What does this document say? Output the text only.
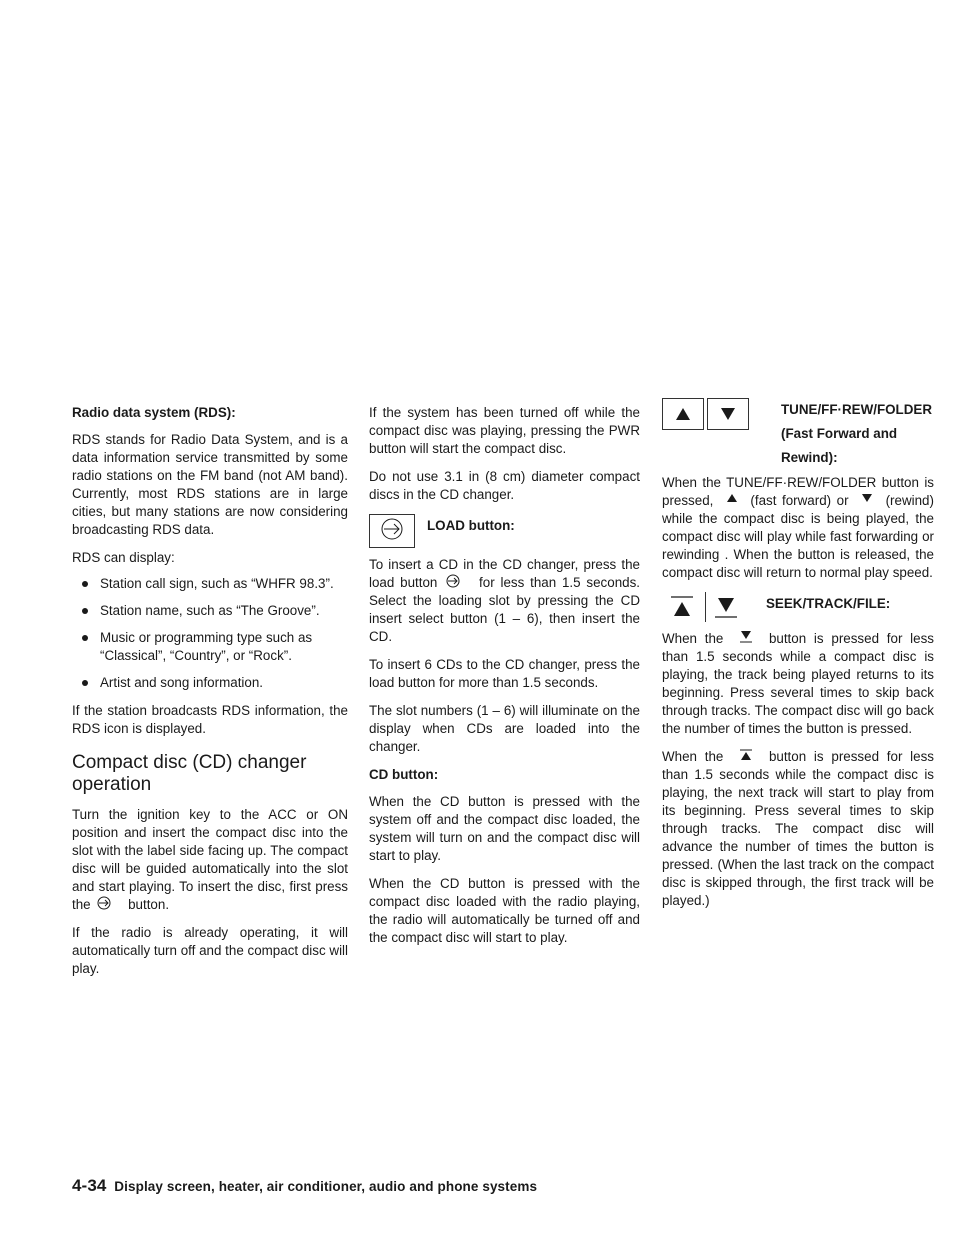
Radio data system (RDS):

RDS stands for Radio Data System, and is a data information service transmitted by some radio stations on the FM band (not AM band). Currently, most RDS stations are in large cities, but many stations are now considering broadcasting RDS data.

RDS can display:

Station call sign, such as “WHFR 98.3”.
Station name, such as “The Groove”.
Music or programming type such as “Classical”, “Country”, or “Rock”.
Artist and song information.

If the station broadcasts RDS information, the RDS icon is displayed.

Compact disc (CD) changer operation

Turn the ignition key to the ACC or ON position and insert the compact disc into the slot with the label side facing up. The compact disc will be guided automatically into the slot and start playing. To insert the disc, first press the	button.

If the radio is already operating, it will automatically turn off and the compact disc will play.

If the system has been turned off while the compact disc was playing, pressing the PWR button will start the compact disc.

Do not use 3.1 in (8 cm) diameter compact discs in the CD changer.

LOAD button:

To insert a CD in the CD changer, press the load button	for less than 1.5 seconds. Select the loading slot by pressing the CD insert select button (1 – 6), then insert the CD.

To insert 6 CDs to the CD changer, press the load button for more than 1.5 seconds.

The slot numbers (1 – 6) will illuminate on the display when CDs are loaded into the changer.

CD button:

When the CD button is pressed with the system off and the compact disc loaded, the system will turn on and the compact disc will start to play.

When the CD button is pressed with the compact disc loaded with the radio playing, the radio will automatically be turned off and the compact disc will start to play.

TUNE/FF·REW/FOLDER
(Fast Forward and
Rewind):

When the TUNE/FF·REW/FOLDER button is pressed,	(fast forward) or	(rewind) while the compact disc is being played, the compact disc will play while fast forwarding or rewinding . When the button is released, the compact disc will return to normal play speed.

SEEK/TRACK/FILE:

When the	button is pressed for less than 1.5 seconds while a compact disc is playing, the track being played returns to its beginning. Press several times to skip back through tracks. The compact disc will go back the number of times the button is pressed.

When the	button is pressed for less than 1.5 seconds while the compact disc is playing, the next track will start to play from its beginning. Press several times to skip through tracks. The compact disc will advance the number of times the button is pressed. (When the last track on the compact disc is skipped through, the first track will be played.)

4-34 Display screen, heater, air conditioner, audio and phone systems
